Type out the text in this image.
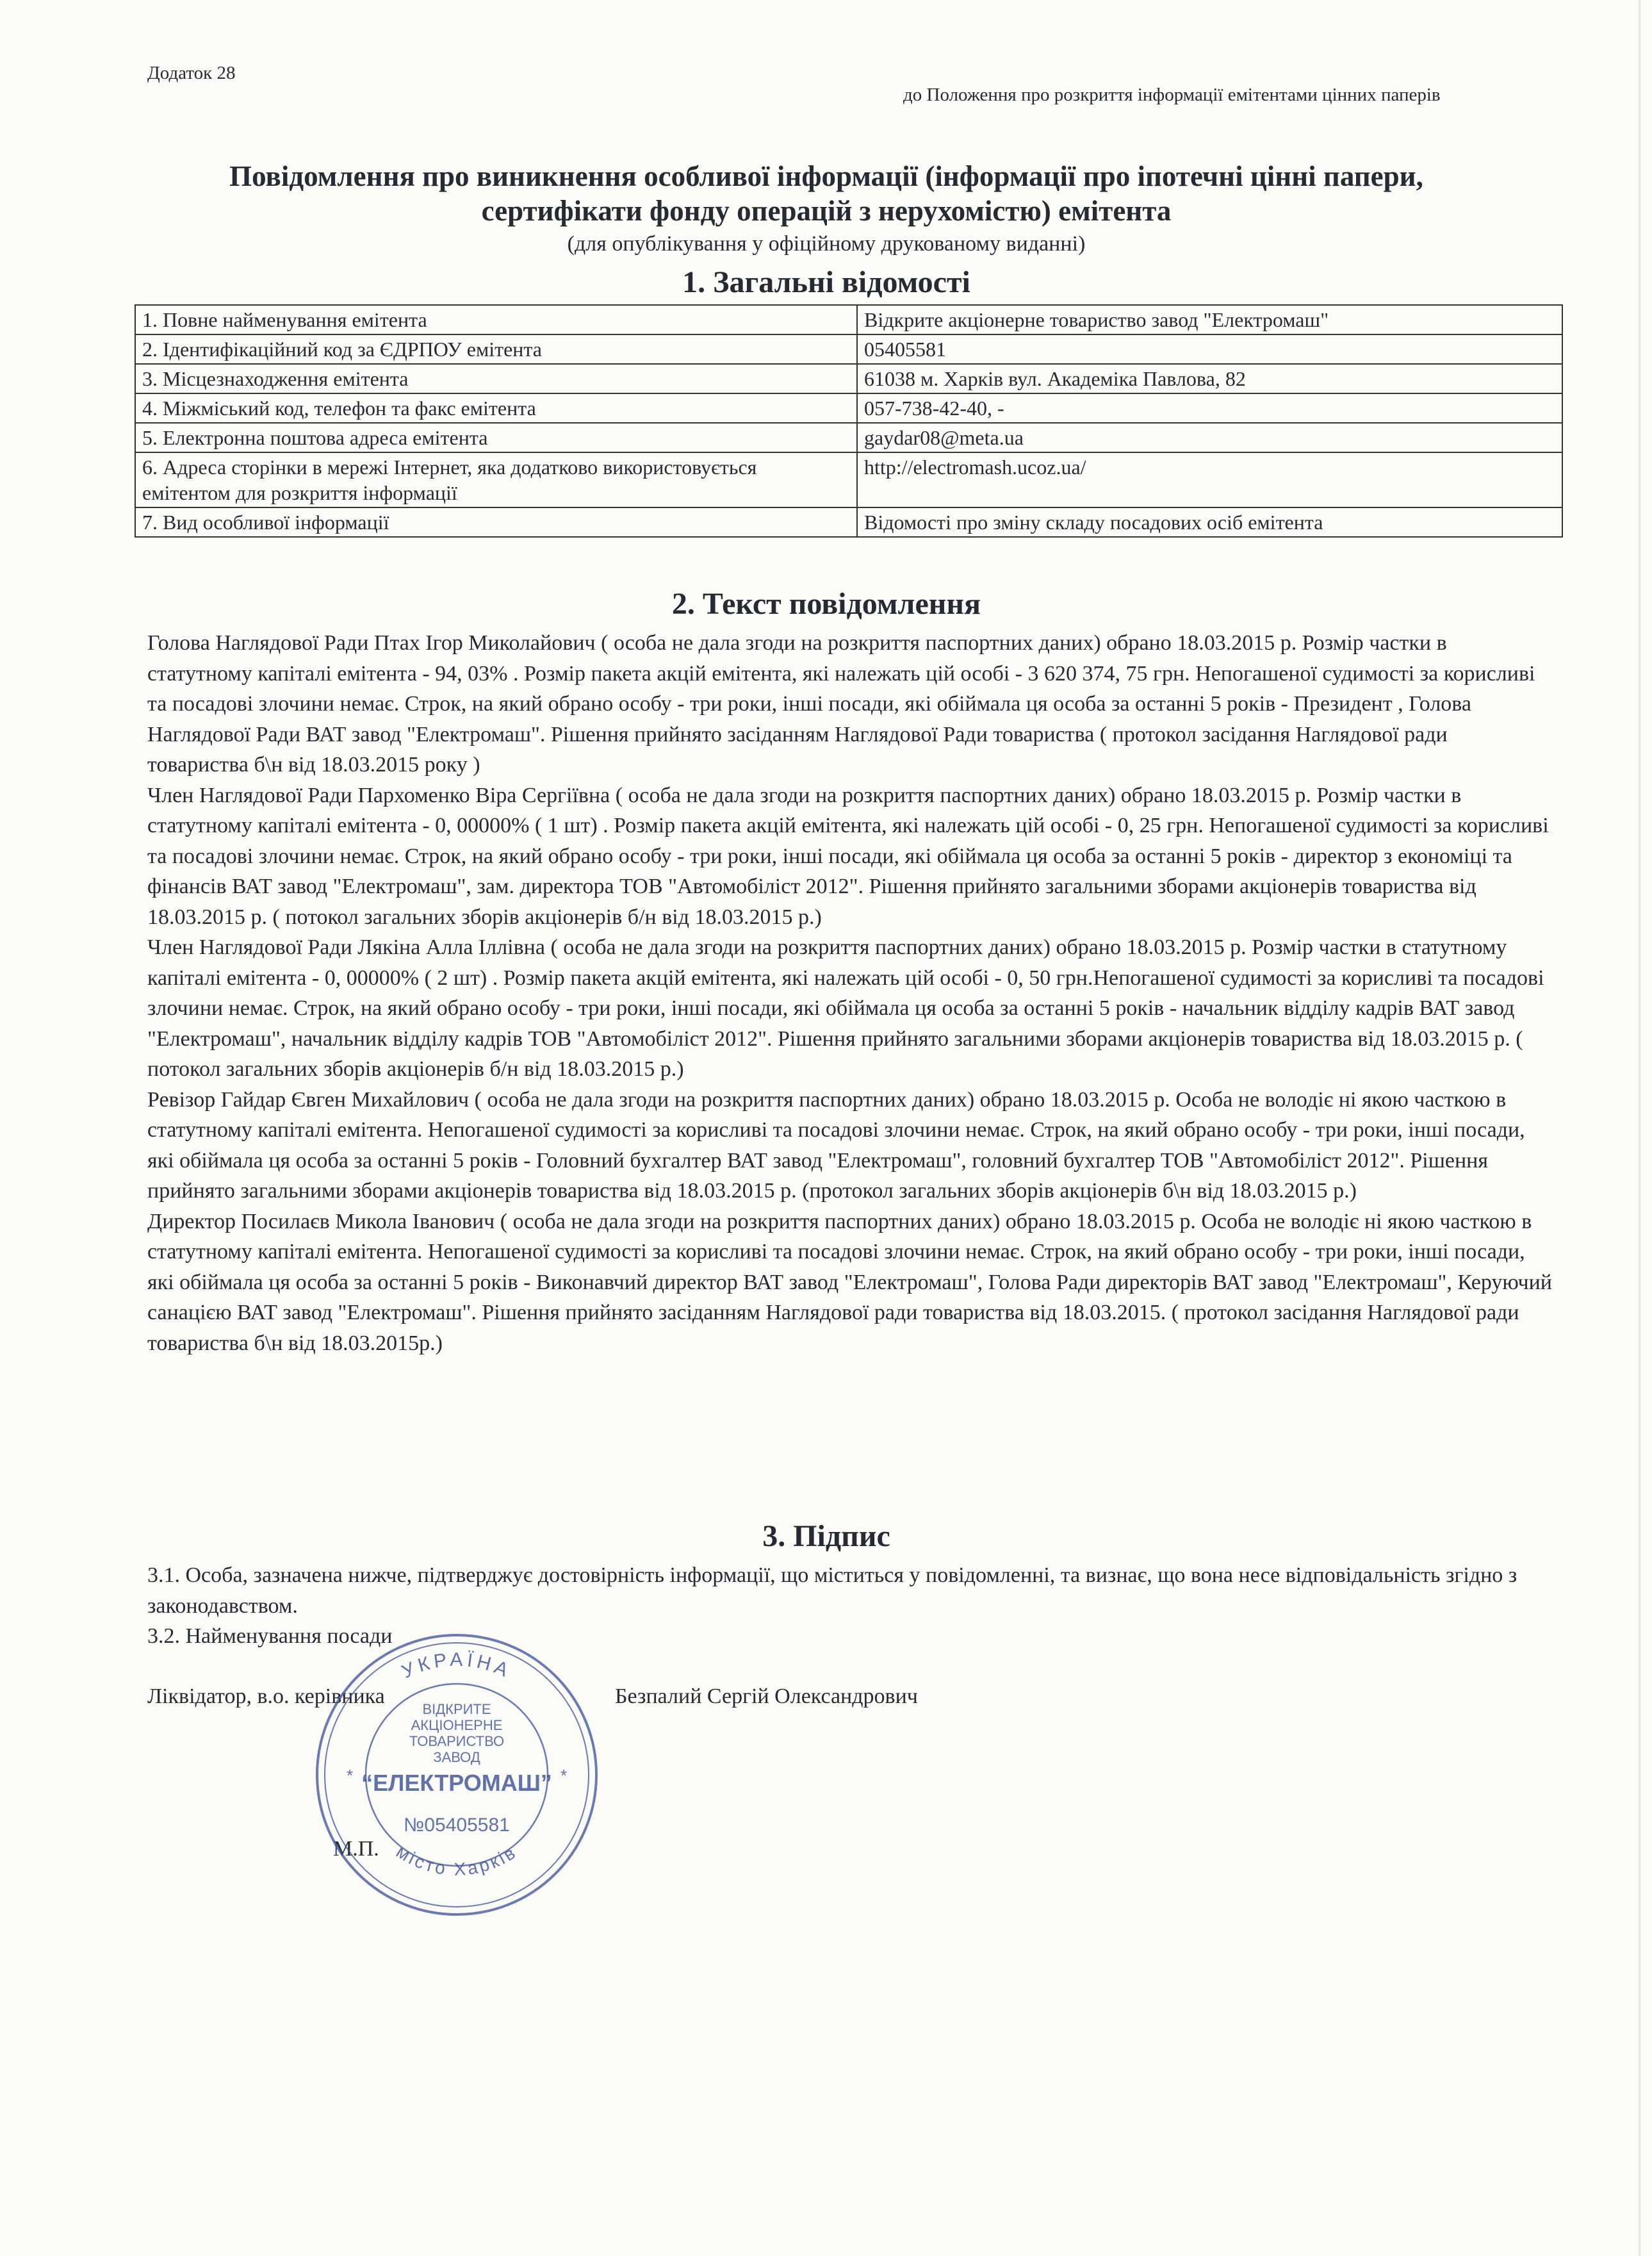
Додаток 28
до Положення про розкриття інформації емітентами цінних паперів
Повідомлення про виникнення особливої інформації (інформації про іпотечні цінні папери,
сертифікати фонду операцій з нерухомістю) емітента
(для опублікування у офіційному друкованому виданні)
1. Загальні відомості
1. Повне найменування емітента	Відкрите акціонерне товариство завод "Електромаш"
2. Ідентифікаційний код за ЄДРПОУ емітента	05405581
3. Місцезнаходження емітента	61038 м. Харків вул. Академіка Павлова, 82
4. Міжміський код, телефон та факс емітента	057-738-42-40, -
5. Електронна поштова адреса емітента	gaydar08@meta.ua
6. Адреса сторінки в мережі Інтернет, яка додатково використовується емітентом для розкриття інформації	http://electromash.ucoz.ua/
7. Вид особливої інформації	Відомості про зміну складу посадових осіб емітента
2. Текст повідомлення

Голова Наглядової Ради Птах Ігор Миколайович ( особа не дала згоди на розкриття паспортних даних) обрано 18.03.2015 р. Розмір частки в статутному капіталі емітента - 94, 03% . Розмір пакета акцій емітента, які належать цій особі - 3 620 374, 75 грн. Непогашеної судимості за корисливі та посадові злочини немає. Строк, на який обрано особу - три роки, інші посади, які обіймала ця особа за останні 5 років - Президент , Голова Наглядової Ради ВАТ завод "Електромаш". Рішення прийнято засіданням Наглядової Ради товариства ( протокол засідання Наглядової ради товариства б\н від 18.03.2015 року )

Член Наглядової Ради Пархоменко Віра Сергіївна ( особа не дала згоди на розкриття паспортних даних) обрано 18.03.2015 р. Розмір частки в статутному капіталі емітента - 0, 00000% ( 1 шт) . Розмір пакета акцій емітента, які належать цій особі - 0, 25 грн. Непогашеної судимості за корисливі та посадові злочини немає. Строк, на який обрано особу - три роки, інші посади, які обіймала ця особа за останні 5 років - директор з економіці та фінансів ВАТ завод "Електромаш", зам. директора ТОВ "Автомобіліст 2012". Рішення прийнято загальними зборами акціонерів товариства від 18.03.2015 р. ( потокол загальних зборів акціонерів б/н від 18.03.2015 р.)

Член Наглядової Ради Лякіна Алла Іллівна ( особа не дала згоди на розкриття паспортних даних) обрано 18.03.2015 р. Розмір частки в статутному капіталі емітента - 0, 00000% ( 2 шт) . Розмір пакета акцій емітента, які належать цій особі - 0, 50 грн.Непогашеної судимості за корисливі та посадові злочини немає. Строк, на який обрано особу - три роки, інші посади, які обіймала ця особа за останні 5 років - начальник відділу кадрів ВАТ завод "Електромаш", начальник відділу кадрів ТОВ "Автомобіліст 2012". Рішення прийнято загальними зборами акціонерів товариства від 18.03.2015 р. ( потокол загальних зборів акціонерів б/н від 18.03.2015 р.)

Ревізор Гайдар Євген Михайлович ( особа не дала згоди на розкриття паспортних даних) обрано 18.03.2015 р. Особа не володіє ні якою часткою в статутному капіталі емітента. Непогашеної судимості за корисливі та посадові злочини немає. Строк, на який обрано особу - три роки, інші посади, які обіймала ця особа за останні 5 років - Головний бухгалтер ВАТ завод "Електромаш", головний бухгалтер ТОВ "Автомобіліст 2012". Рішення прийнято загальними зборами акціонерів товариства від 18.03.2015 р. (протокол загальних зборів акціонерів б\н від 18.03.2015 р.)

Директор Посилаєв Микола Іванович ( особа не дала згоди на розкриття паспортних даних) обрано 18.03.2015 р. Особа не володіє ні якою часткою в статутному капіталі емітента. Непогашеної судимості за корисливі та посадові злочини немає. Строк, на який обрано особу - три роки, інші посади, які обіймала ця особа за останні 5 років - Виконавчий директор ВАТ завод "Електромаш", Голова Ради директорів ВАТ завод "Електромаш", Керуючий санацією ВАТ завод "Електромаш". Рішення прийнято засіданням Наглядової ради товариства від 18.03.2015. ( протокол засідання Наглядової ради товариства б\н від 18.03.2015р.)

3. Підпис
3.1. Особа, зазначена нижче, підтверджує достовірність інформації, що міститься у повідомленні, та визнає, що вона несе відповідальність згідно з законодавством.
3.2. Найменування посади
Ліквідатор, в.о. керівника	Безпалий Сергій Олександрович
М.П.
УКРАЇНА
місто Харків
ВІДКРИТЕ
АКЦІОНЕРНЕ
ТОВАРИСТВО
ЗАВОД
“ЕЛЕКТРОМАШ”
№05405581
*	*
